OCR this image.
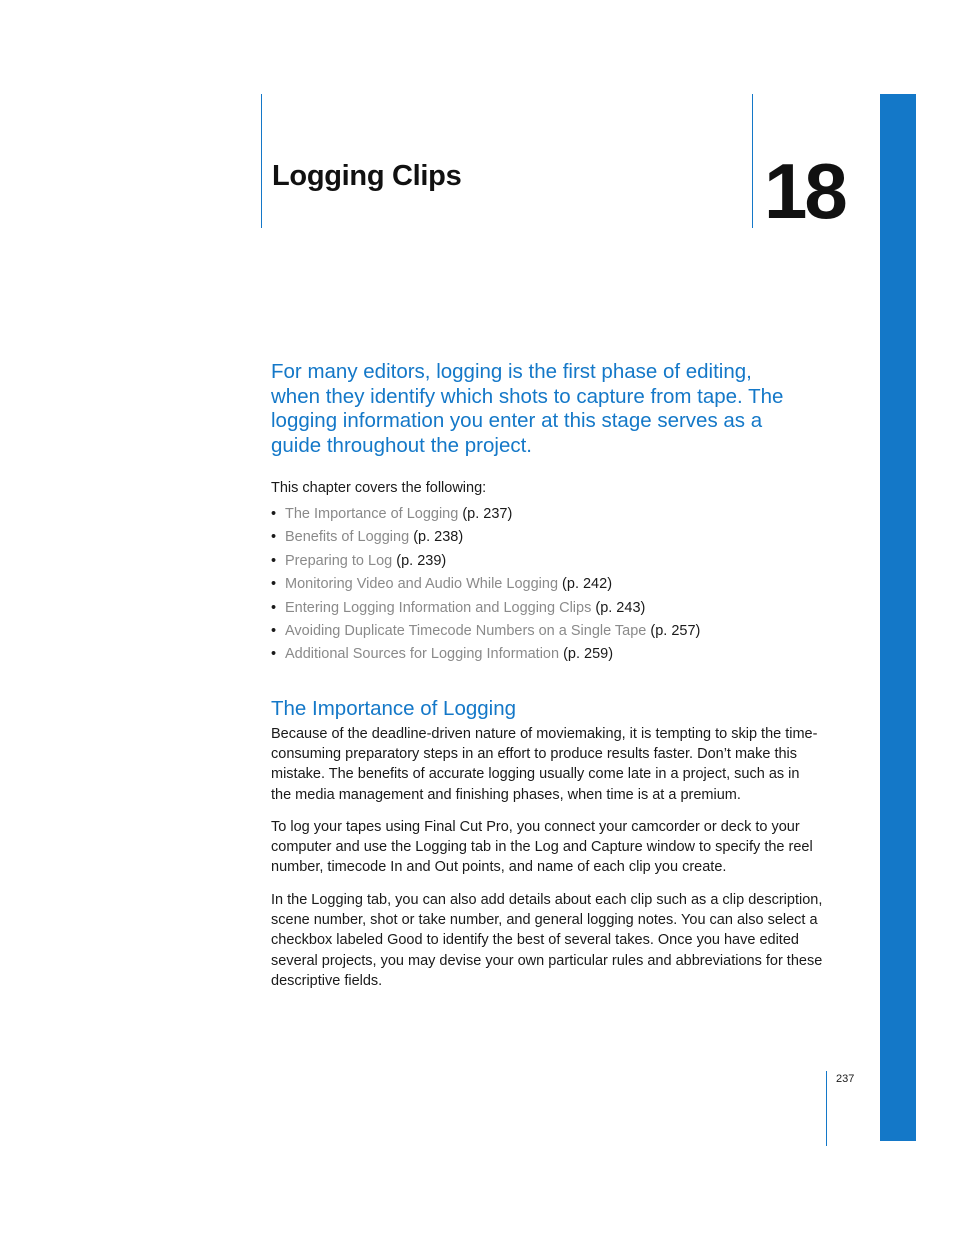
Logging Clips	18
For many editors, logging is the first phase of editing, when they identify which shots to capture from tape. The logging information you enter at this stage serves as a guide throughout the project.
This chapter covers the following:
• The Importance of Logging (p. 237)
• Benefits of Logging (p. 238)
• Preparing to Log (p. 239)
• Monitoring Video and Audio While Logging (p. 242)
• Entering Logging Information and Logging Clips (p. 243)
• Avoiding Duplicate Timecode Numbers on a Single Tape (p. 257)
• Additional Sources for Logging Information (p. 259)
The Importance of Logging

Because of the deadline-driven nature of moviemaking, it is tempting to skip the time-consuming preparatory steps in an effort to produce results faster. Don’t make this mistake. The benefits of accurate logging usually come late in a project, such as in the media management and finishing phases, when time is at a premium.

To log your tapes using Final Cut Pro, you connect your camcorder or deck to your computer and use the Logging tab in the Log and Capture window to specify the reel number, timecode In and Out points, and name of each clip you create.

In the Logging tab, you can also add details about each clip such as a clip description, scene number, shot or take number, and general logging notes. You can also select a checkbox labeled Good to identify the best of several takes. Once you have edited several projects, you may devise your own particular rules and abbreviations for these descriptive fields.

237
